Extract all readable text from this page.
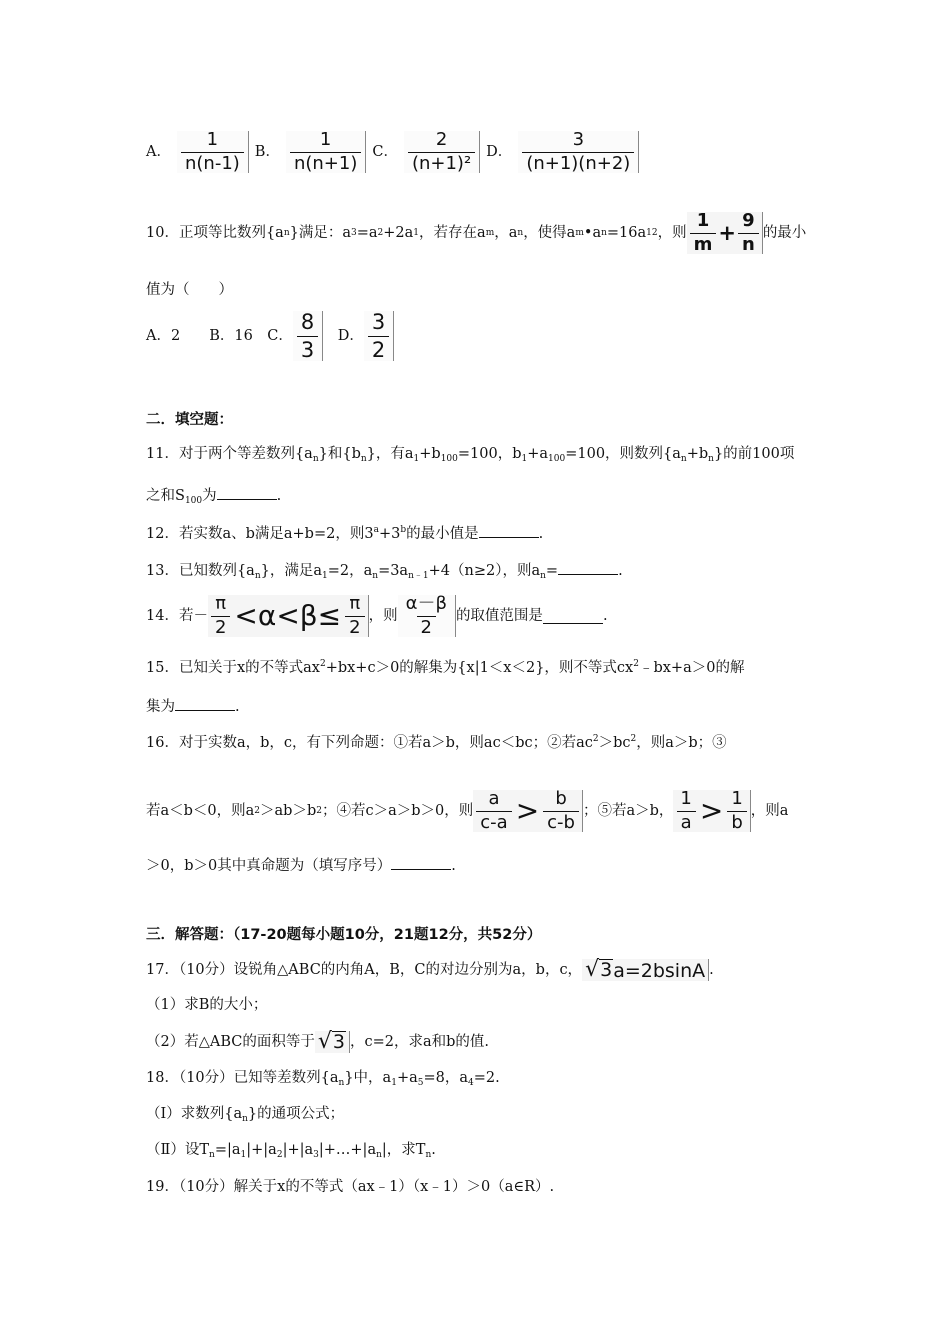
A． $\frac{1}{n(n-1)}$ B． $\frac{1}{n(n+1)}$ C． $\frac{2}{\text{(n+1)²}}$ D． $\frac{3}{(n+1)(n+2)}$
10．正项等比数列{a n }满足：a 3 =a 2 +2a 1 ，若存在a m ，a n ，使得a m •a n =16a 1 2 ，则 $\frac{1}{m} + \frac{9}{n}$ 的最小
值为（　　）
A．2　　B．16　C． $\frac{8}{3}$ 　D． $\frac{3}{2}$
二．填空题：
11．对于两个等差数列$\{a_n\}$和$\{b_n\}$，有$a_1+b_{100}=100$，$b_1+a_{100}=100$，则数列$\{a_n+b_n\}$的前100项
之和$S_{100}$为	.
12．若实数a、b满足a+b=2，则$3^a+3^b$的最小值是	.
13．已知数列$\{a_n\}$，满足$a_1=2$，$a_n=3a_{n﹣1}+4(n\ge 2)$，则$a_n=$	.
14．若－ $\frac{\pi}{2} <\alpha<\beta\le \frac{\pi}{2}$ ，则 $\frac{\alpha-\beta}{2}$ 的取值范围是	.
15．已知关于x的不等式$ax^2+bx+c>0$的解集为{x|1＜x＜2}，则不等式$cx^2﹣bx+a>0$的解
集为	.
16．对于实数a，b，c，有下列命题：①若a＞b，则ac＜bc；②若$ac^2>bc^2$，则a＞b；③
若a＜b＜0，则a 2 ＞ab＞b 2 ；④若c＞a＞b＞0，则 $\frac{a}{c-a} > \frac{b}{c-b}$ ；⑤若a＞b， $\frac{1}{a} > \frac{1}{b}$ ，则a
＞0，b＞0其中真命题为（填写序号）	.
三．解答题：（17-20题每小题10分，21题12分，共52分）
17．（10分）设锐角△ABC的内角A，B，C的对边分别为a，b，c， √ 3 a=2bsinA .
（1）求B的大小；
（2）若△ABC的面积等于 √ 3 ，c=2，求a和b的值.
18．（10分）已知等差数列$\{a_n\}$中，$a_1+a_5=8$，$a_4=2$.
（Ⅰ）求数列$\{a_n\}$的通项公式；
（Ⅱ）设$T_n=|a_1|+|a_2|+|a_3|+\dots+|a_n|$，求$T_n$.
19．（10分）解关于x的不等式（ax﹣1）（x﹣1）＞0（a∈R）.
